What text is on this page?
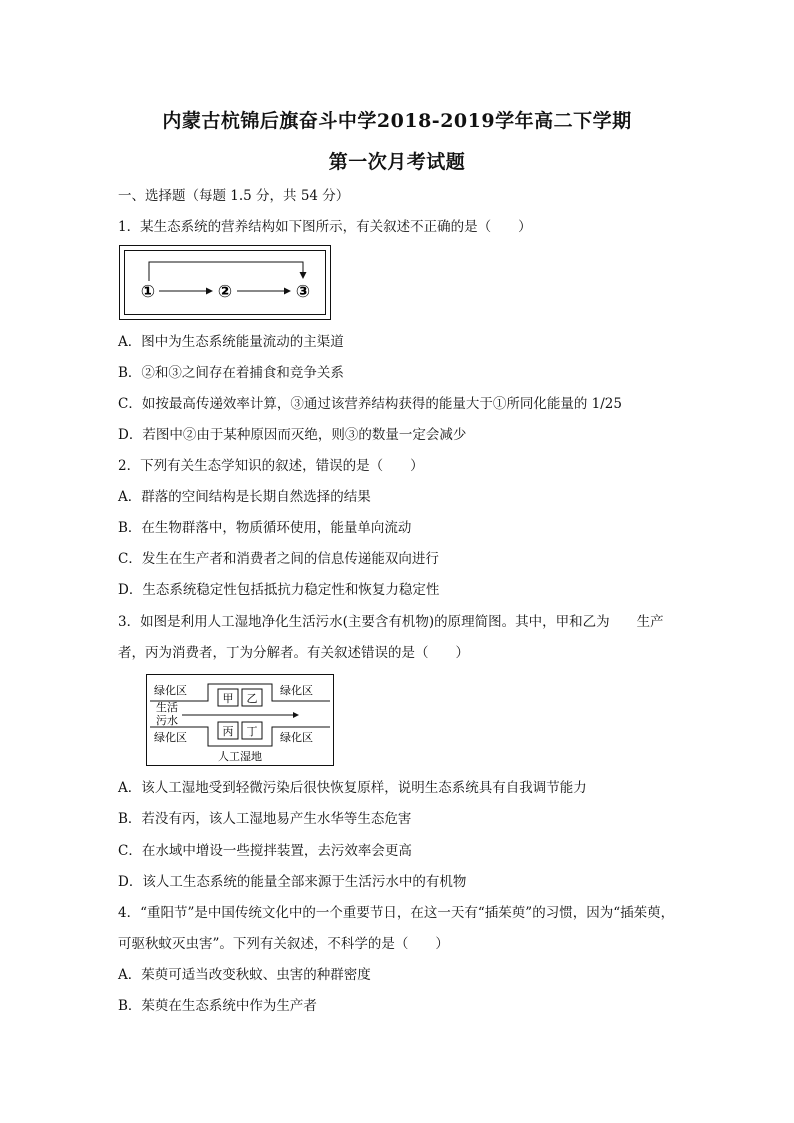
内蒙古杭锦后旗奋斗中学2018-2019学年高二下学期
第一次月考试题
一、选择题（每题 1.5 分，共 54 分）
1．某生态系统的营养结构如下图所示，有关叙述不正确的是（　　）
①	②	③
A．图中为生态系统能量流动的主渠道
B．②和③之间存在着捕食和竞争关系
C．如按最高传递效率计算，③通过该营养结构获得的能量大于①所同化能量的 1/25
D．若图中②由于某种原因而灭绝，则③的数量一定会减少
2．下列有关生态学知识的叙述，错误的是（　　）
A．群落的空间结构是长期自然选择的结果
B．在生物群落中，物质循环使用，能量单向流动
C．发生在生产者和消费者之间的信息传递能双向进行
D．生态系统稳定性包括抵抗力稳定性和恢复力稳定性
3．如图是利用人工湿地净化生活污水(主要含有机物)的原理简图。其中，甲和乙为　　生产
者，丙为消费者，丁为分解者。有关叙述错误的是（　　）
甲 乙
丙 丁
绿化区	绿化区
绿化区	绿化区
生活
污水
人工湿地
A．该人工湿地受到轻微污染后很快恢复原样，说明生态系统具有自我调节能力
B．若没有丙，该人工湿地易产生水华等生态危害
C．在水域中增设一些搅拌装置，去污效率会更高
D．该人工生态系统的能量全部来源于生活污水中的有机物
4．“重阳节”是中国传统文化中的一个重要节日，在这一天有“插茱萸”的习惯，因为“插茱萸，
可驱秋蚊灭虫害”。下列有关叙述，不科学的是（　　）
A．茱萸可适当改变秋蚊、虫害的种群密度
B．茱萸在生态系统中作为生产者
